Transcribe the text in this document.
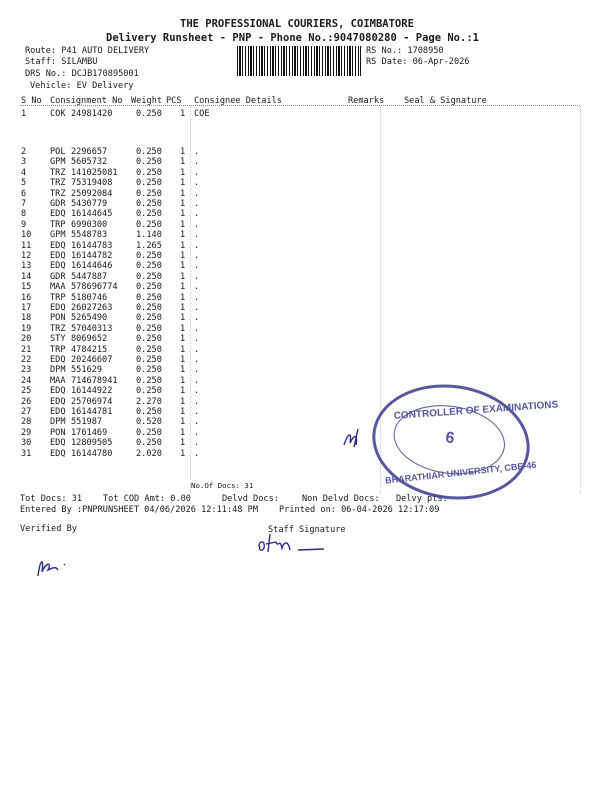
THE PROFESSIONAL COURIERS, COIMBATORE
Delivery Runsheet - PNP - Phone No.:9047080280 - Page No.:1
Route: P41 AUTO DELIVERY
Staff: SILAMBU
DRS No.: DCJB170895001
Vehicle: EV Delivery
RS No.: 1708950
RS Date: 06-Apr-2026
S No Consignment No Weight PCS Consignee Details	Remarks Seal & Signature
1	COK 24981420	0.250 1 COE
2	POL 2296657	0.250 1 .
3	GPM 5605732	0.250 1 .
4	TRZ 141025081 0.250 1 .
5	TRZ 75319408	0.250 1 .
6	TRZ 25092084	0.250 1 .
7	GDR 5430779	0.250 1 .
8	EDQ 16144645	0.250 1 .
9	TRP 6990300	0.250 1 .
10 GPM 5548783	1.140 1 .
11 EDQ 16144783	1.265 1 .
12 EDQ 16144782	0.250 1 .
13 EDQ 16144646	0.250 1 .
14 GDR 5447887	0.250 1 .
15 MAA 578696774 0.250 1 .
16 TRP 5180746	0.250 1 .
17 EDQ 26027263	0.250 1 .
18 PON 5265490	0.250 1 .
19 TRZ 57040313	0.250 1 .
20 STY 8069652	0.250 1 .
21 TRP 4784215	0.250 1 .
22 EDQ 20246607	0.250 1 .
23 DPM 551629	0.250 1 .
24 MAA 714678941 0.250 1 .
25 EDQ 16144922	0.250 1 .
26 EDQ 25706974	2.270 1 .
27 EDQ 16144781	0.250 1 .
28 DPM 551987	0.520 1 .
29 PON 1761469	0.250 1 .
30 EDQ 12809505	0.250 1 .
31 EDQ 16144780	2.020 1 .
No.Of Docs: 31
Tot Docs: 31 Tot COD Amt: 0.00	Delvd Docs:	Non Delvd Docs: Delvy pts:
Entered By :PNPRUNSHEET 04/06/2026 12:11:48 PM Printed on: 06-04-2026 12:17:09
Verified By	Staff Signature
CONTROLLER OF EXAMINATIONS
6
BHARATHIAR UNIVERSITY, CBE-46
